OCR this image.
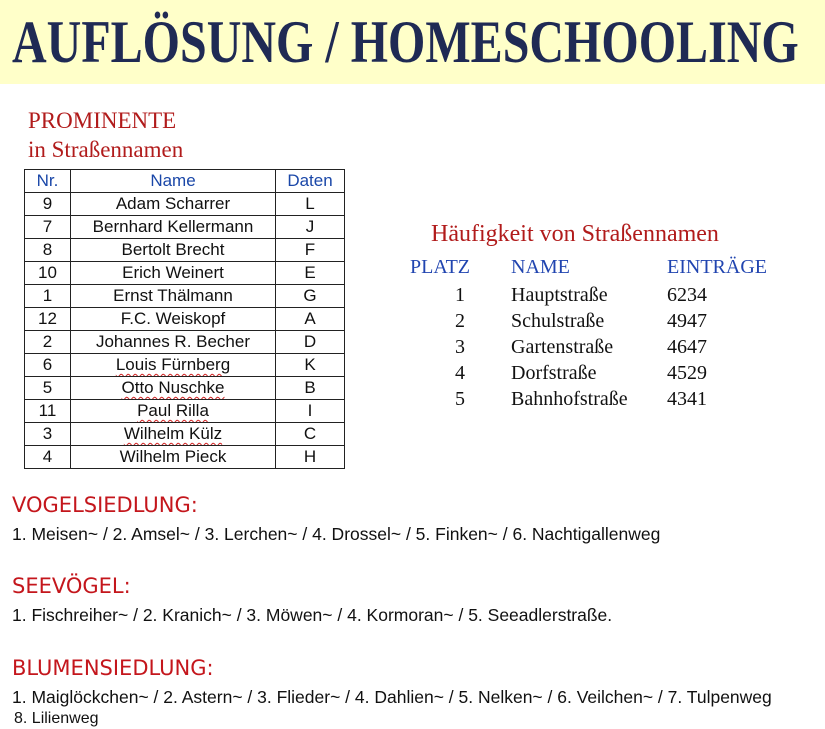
AUFLÖSUNG / HOMESCHOOLING
PROMINENTE
in Straßennamen
Nr.	Name	Daten
9	Adam Scharrer	L
7	Bernhard Kellermann	J
8	Bertolt Brecht	F
10	Erich Weinert	E
1	Ernst Thälmann	G
12	F.C. Weiskopf	A
2	Johannes R. Becher	D
6	Louis Fürnberg	K
5	Otto Nuschke	B
11	Paul Rilla	I
3	Wilhelm Külz	C
4	Wilhelm Pieck	H
Häufigkeit von Straßennamen
PLATZ NAME	EINTRÄGE
1 Hauptstraße	6234
2 Schulstraße	4947
3 Gartenstraße	4647
4 Dorfstraße	4529
5 Bahnhofstraße 4341
VOGELSIEDLUNG:
1. Meisen~ / 2. Amsel~ / 3. Lerchen~ / 4. Drossel~ / 5. Finken~ / 6. Nachtigallenweg
SEEVÖGEL:
1. Fischreiher~ / 2. Kranich~ / 3. Möwen~ / 4. Kormoran~ / 5. Seeadlerstraße.
BLUMENSIEDLUNG:
1. Maiglöckchen~ / 2. Astern~ / 3. Flieder~ / 4. Dahlien~ / 5. Nelken~ / 6. Veilchen~ / 7. Tulpenweg
8. Lilienweg
